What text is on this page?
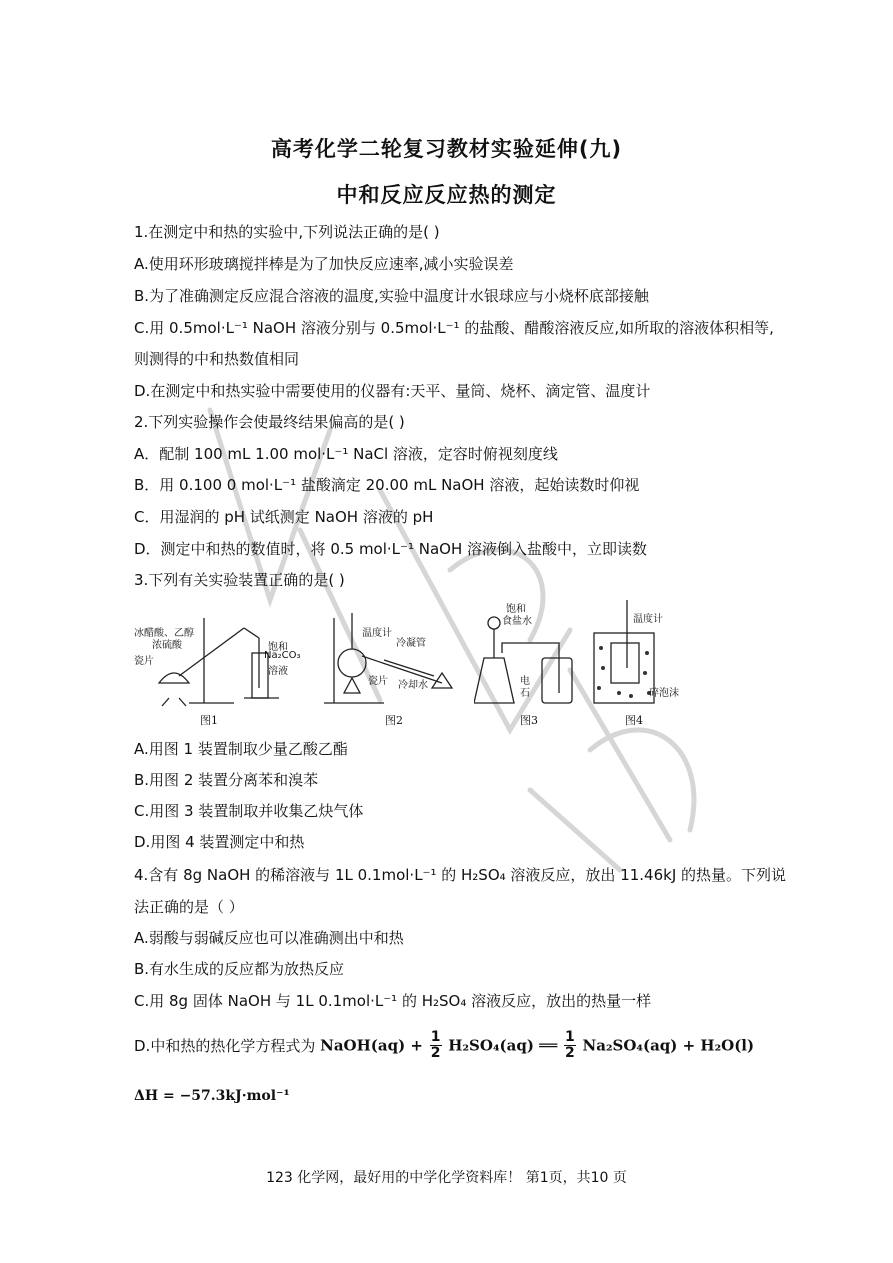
高考化学二轮复习教材实验延伸(九)
中和反应反应热的测定
1.在测定中和热的实验中,下列说法正确的是( )
A.使用环形玻璃搅拌棒是为了加快反应速率,减小实验误差
B.为了准确测定反应混合溶液的温度,实验中温度计水银球应与小烧杯底部接触
C.用 0.5mol·L⁻¹ NaOH 溶液分别与 0.5mol·L⁻¹ 的盐酸、醋酸溶液反应,如所取的溶液体积相等,
则测得的中和热数值相同
D.在测定中和热实验中需要使用的仪器有:天平、量筒、烧杯、滴定管、温度计
2.下列实验操作会使最终结果偏高的是( )
A．配制 100 mL 1.00 mol·L⁻¹ NaCl 溶液，定容时俯视刻度线
B．用 0.100 0 mol·L⁻¹ 盐酸滴定 20.00 mL NaOH 溶液，起始读数时仰视
C．用湿润的 pH 试纸测定 NaOH 溶液的 pH
D．测定中和热的数值时，将 0.5 mol·L⁻¹ NaOH 溶液倒入盐酸中，立即读数
3.下列有关实验装置正确的是( )
冰醋酸、乙醇
浓硫酸
瓷片
饱和
Na₂CO₃
溶液
图1
温度计
冷凝管
瓷片 冷却水
图2
饱和
食盐水
电
石
图3
温度计
碎泡沫
图4
A.用图 1 装置制取少量乙酸乙酯
B.用图 2 装置分离苯和溴苯
C.用图 3 装置制取并收集乙炔气体
D.用图 4 装置测定中和热
4.含有 8g NaOH 的稀溶液与 1L 0.1mol·L⁻¹ 的 H₂SO₄ 溶液反应，放出 11.46kJ 的热量。下列说
法正确的是（ ）
A.弱酸与弱碱反应也可以准确测出中和热
B.有水生成的反应都为放热反应
C.用 8g 固体 NaOH 与 1L 0.1mol·L⁻¹ 的 H₂SO₄ 溶液反应，放出的热量一样
D.中和热的热化学方程式为 NaOH(aq) + $\frac{1}{2} H_2SO_4(aq)$ ══ $\frac{1}{2} Na_2SO_4(aq) + H_2O(l)$
ΔH = −57.3kJ·mol⁻¹
123 化学网，最好用的中学化学资料库！ 第1页，共10 页
